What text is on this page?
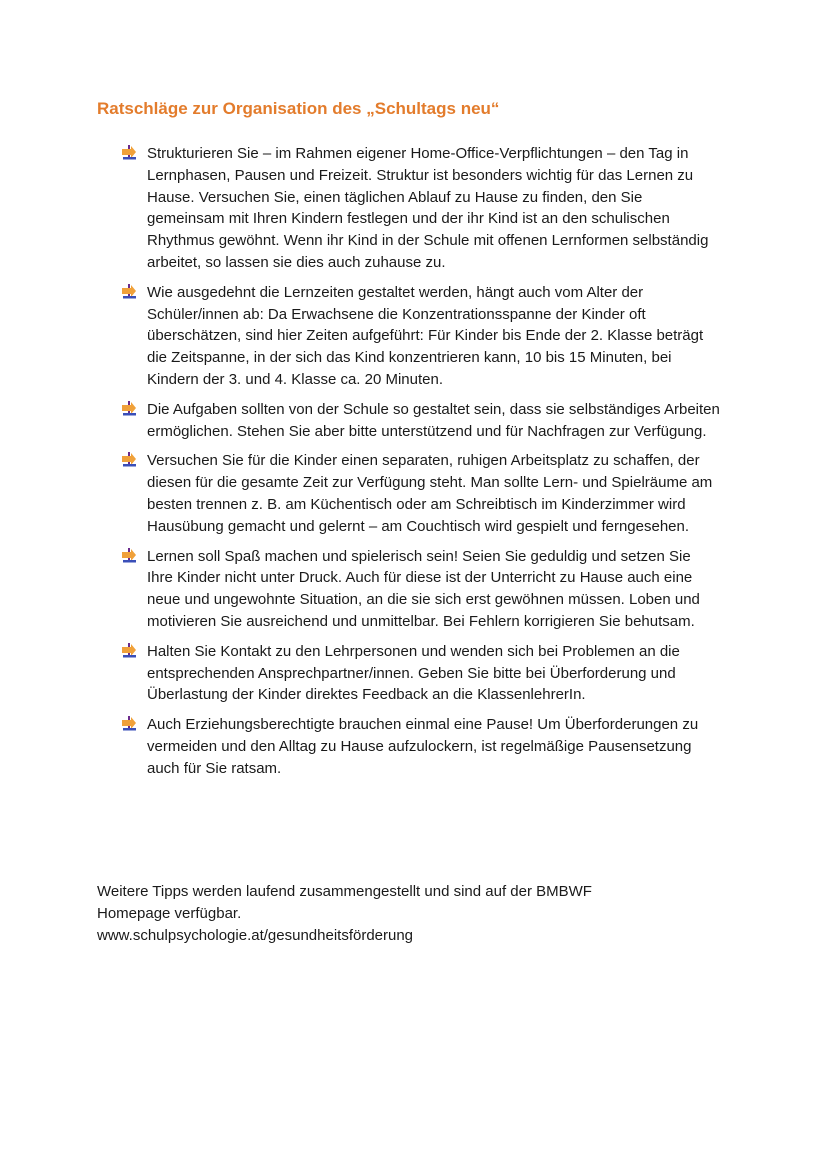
Ratschläge zur Organisation des „Schultags neu“
Strukturieren Sie – im Rahmen eigener Home-Office-Verpflichtungen – den Tag in Lernphasen, Pausen und Freizeit. Struktur ist besonders wichtig für das Lernen zu Hause. Versuchen Sie, einen täglichen Ablauf zu Hause zu finden, den Sie gemeinsam mit Ihren Kindern festlegen und der ihr Kind ist an den schulischen Rhythmus gewöhnt. Wenn ihr Kind in der Schule mit offenen Lernformen selbständig arbeitet, so lassen sie dies auch zuhause zu.
Wie ausgedehnt die Lernzeiten gestaltet werden, hängt auch vom Alter der Schüler/innen ab: Da Erwachsene die Konzentrationsspanne der Kinder oft überschätzen, sind hier Zeiten aufgeführt: Für Kinder bis Ende der 2. Klasse beträgt die Zeitspanne, in der sich das Kind konzentrieren kann, 10 bis 15 Minuten, bei Kindern der 3. und 4. Klasse ca. 20 Minuten.
Die Aufgaben sollten von der Schule so gestaltet sein, dass sie selbständiges Arbeiten ermöglichen. Stehen Sie aber bitte unterstützend und für Nachfragen zur Verfügung.
Versuchen Sie für die Kinder einen separaten, ruhigen Arbeitsplatz zu schaffen, der diesen für die gesamte Zeit zur Verfügung steht. Man sollte Lern- und Spielräume am besten trennen z. B. am Küchentisch oder am Schreibtisch im Kinderzimmer wird Hausübung gemacht und gelernt – am Couchtisch wird gespielt und ferngesehen.
Lernen soll Spaß machen und spielerisch sein! Seien Sie geduldig und setzen Sie Ihre Kinder nicht unter Druck. Auch für diese ist der Unterricht zu Hause auch eine neue und ungewohnte Situation, an die sie sich erst gewöhnen müssen. Loben und motivieren Sie ausreichend und unmittelbar. Bei Fehlern korrigieren Sie behutsam.
Halten Sie Kontakt zu den Lehrpersonen und wenden sich bei Problemen an die entsprechenden Ansprechpartner/innen. Geben Sie bitte bei Überforderung und Überlastung der Kinder direktes Feedback an die KlassenlehrerIn.
Auch Erziehungsberechtigte brauchen einmal eine Pause! Um Überforderungen zu vermeiden und den Alltag zu Hause aufzulockern, ist regelmäßige Pausensetzung auch für Sie ratsam.

Weitere Tipps werden laufend zusammengestellt und sind auf der BMBWF

Homepage verfügbar.

www.schulpsychologie.at/gesundheitsförderung
